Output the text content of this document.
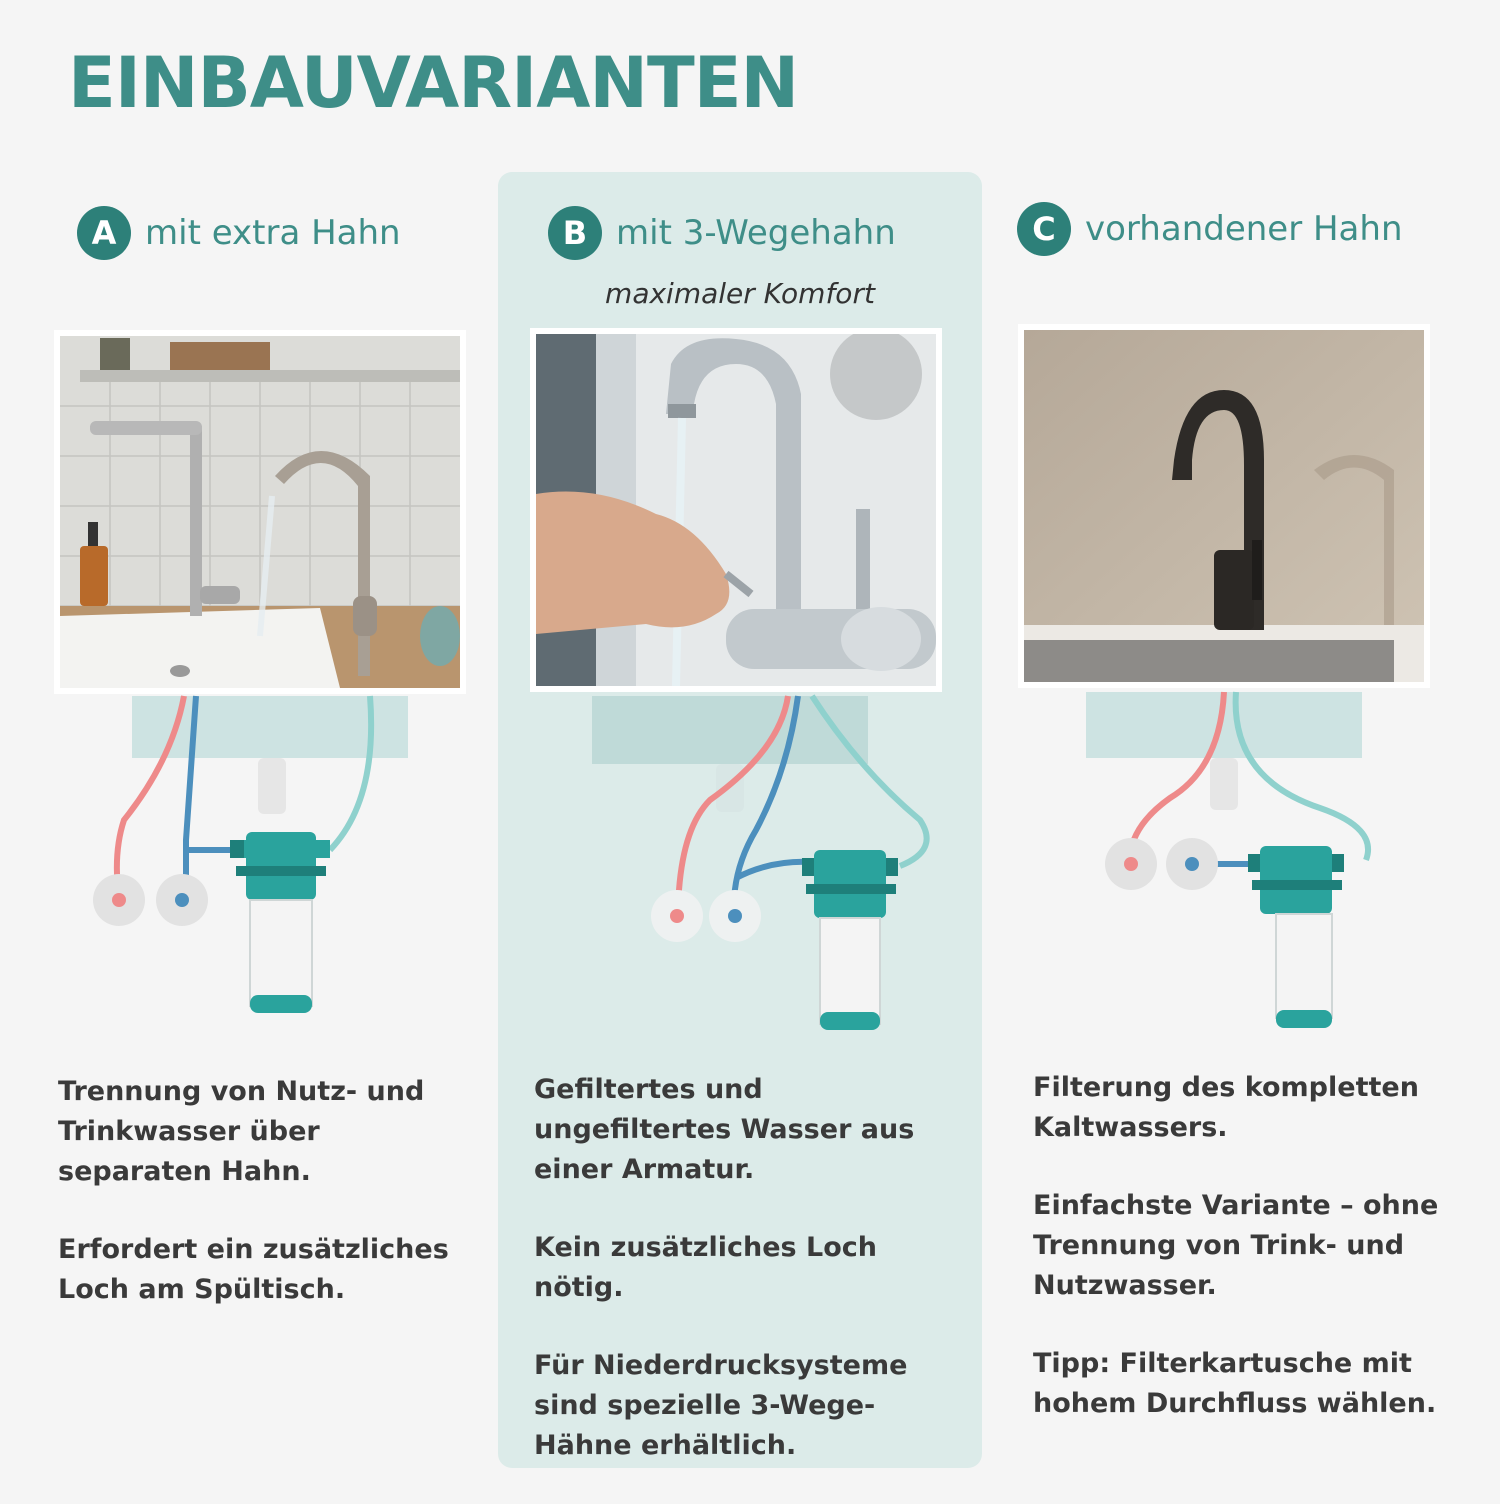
EINBAUVARIANTEN
A mit extra Hahn	B mit 3-Wegehahn
maximaler Komfort
C vorhandener Hahn

Trennung von Nutz- und Trinkwasser über separaten Hahn.

Erfordert ein zusätzliches Loch am Spültisch.

Gefiltertes und ungefiltertes Wasser aus einer Armatur.

Kein zusätzliches Loch nötig.

Für Niederdrucksysteme sind spezielle 3-Wege-Hähne erhältlich.

Filterung des kompletten Kaltwassers.

Einfachste Variante – ohne Trennung von Trink- und Nutzwasser.

Tipp: Filterkartusche mit hohem Durchfluss wählen.
